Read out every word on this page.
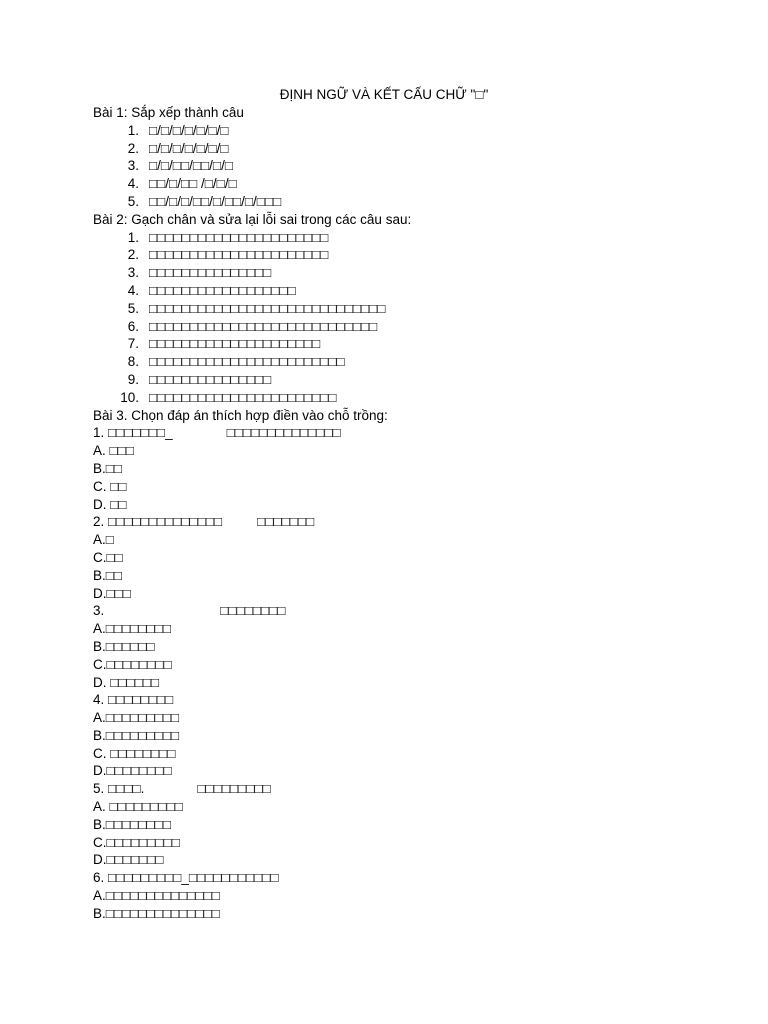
ĐỊNH NGỮ VÀ KẾT CẤU CHỮ "□"
Bài 1: Sắp xếp thành câu
1. □/□/□/□/□/□/□
2. □/□/□/□/□/□/□
3. □/□/□□/□□/□/□
4. □□/□/□□ /□/□/□
5. □□/□/□/□□/□/□□/□/□□□
Bài 2: Gạch chân và sửa lại lỗi sai trong các câu sau:
1. □□□□□□□□□□□□□□□□□□□□□□
2. □□□□□□□□□□□□□□□□□□□□□□
3. □□□□□□□□□□□□□□□
4. □□□□□□□□□□□□□□□□□□
5. □□□□□□□□□□□□□□□□□□□□□□□□□□□□□
6. □□□□□□□□□□□□□□□□□□□□□□□□□□□□
7. □□□□□□□□□□□□□□□□□□□□□
8. □□□□□□□□□□□□□□□□□□□□□□□□
9. □□□□□□□□□□□□□□□
10. □□□□□□□□□□□□□□□□□□□□□□□
Bài 3. Chọn đáp án thích hợp điền vào chỗ trồng:
1. □□□□□□□_	□□□□□□□□□□□□□□
A. □□□
B.□□
C. □□
D. □□
2. □□□□□□□□□□□□□□	□□□□□□□
A.□
C.□□
B.□□
D.□□□
3.	□□□□□□□□
A.□□□□□□□□
B.□□□□□□
C.□□□□□□□□
D. □□□□□□
4. □□□□□□□□
A.□□□□□□□□□
B.□□□□□□□□□
C. □□□□□□□□
D.□□□□□□□□
5. □□□□.	□□□□□□□□□
A. □□□□□□□□□
B.□□□□□□□□
C.□□□□□□□□□
D.□□□□□□□
6. □□□□□□□□□_□□□□□□□□□□□
A.□□□□□□□□□□□□□□
B.□□□□□□□□□□□□□□
